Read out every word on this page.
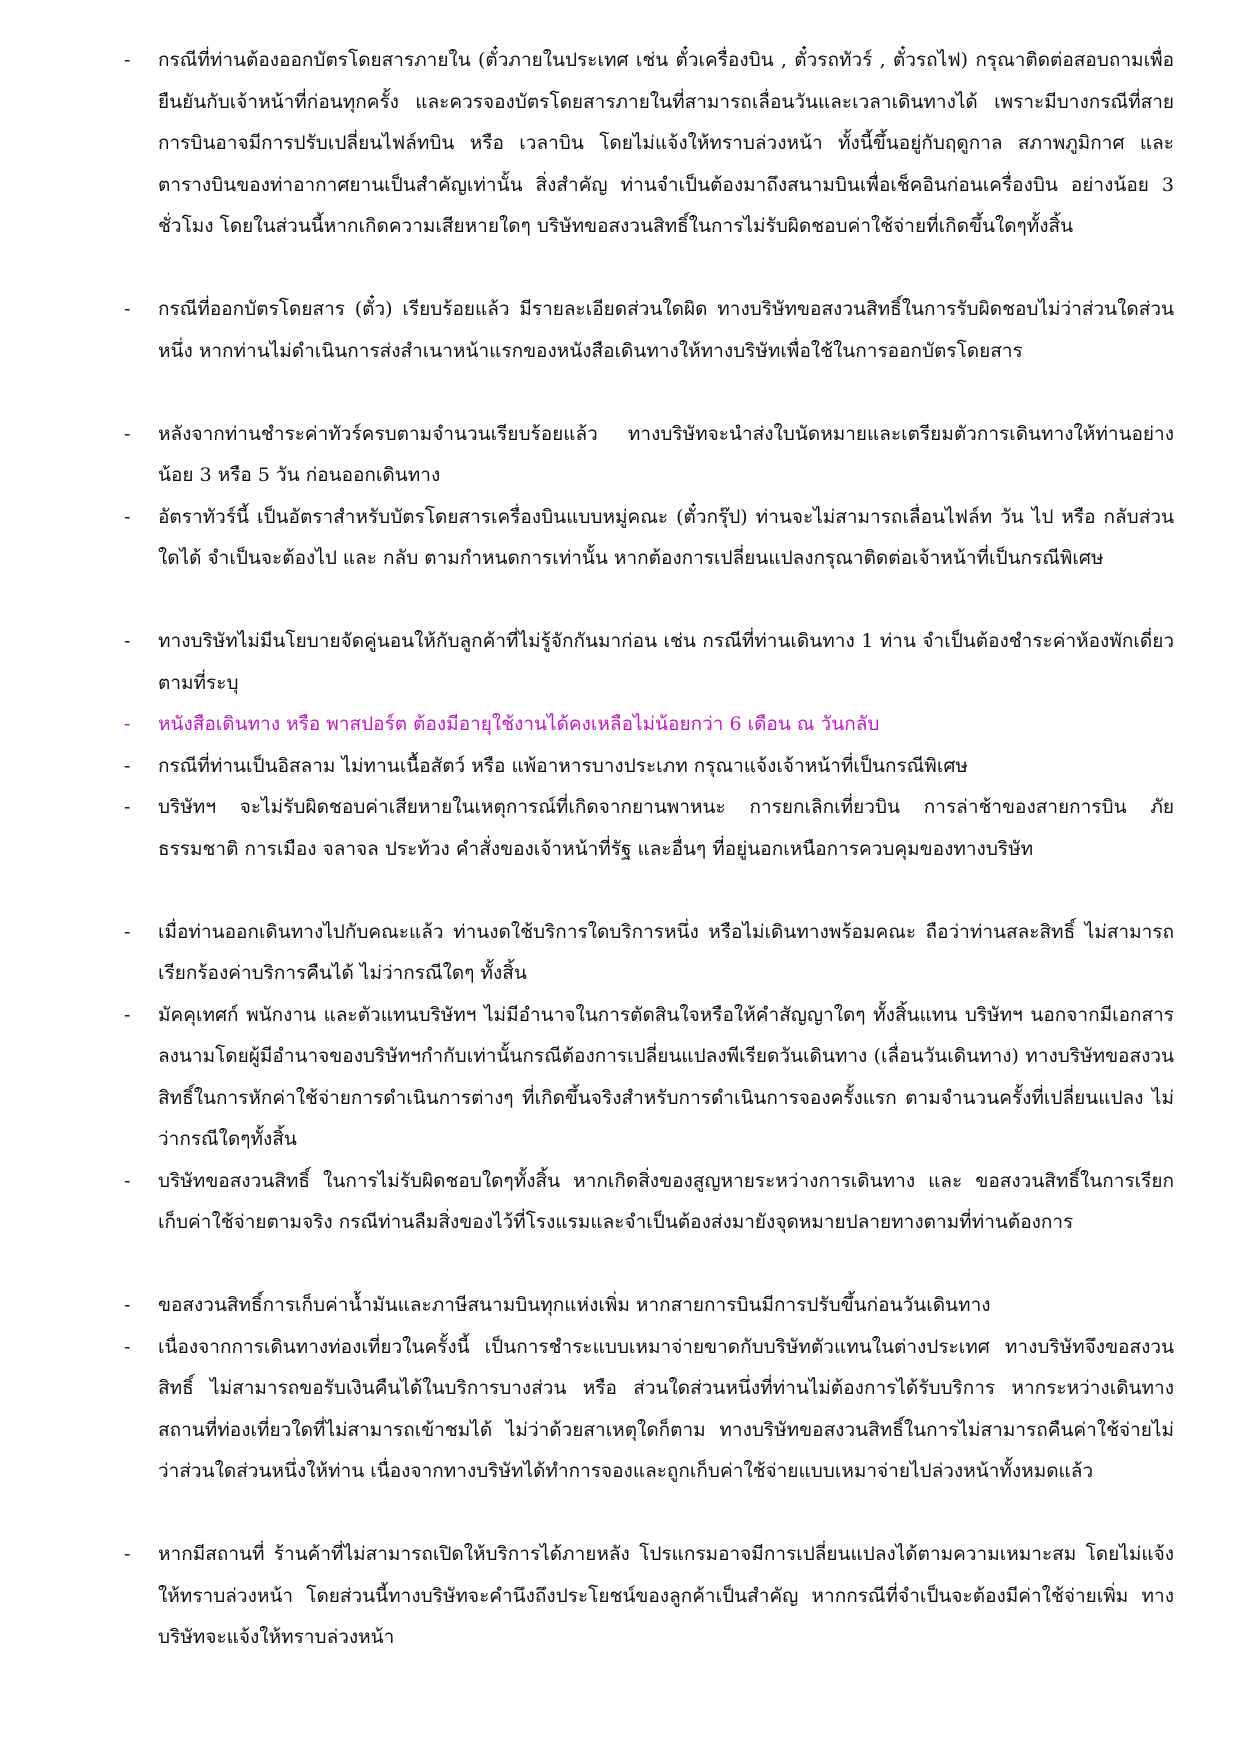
-	กรณีที่ท่านต้องออกบัตรโดยสารภายใน (ตั๋วภายในประเทศ เช่น ตั๋วเครื่องบิน , ตั๋วรถทัวร์ , ตั๋วรถไฟ) กรุณาติดต่อสอบถามเพื่อยืนยันกับเจ้าหน้าที่ก่อนทุกครั้ง และควรจองบัตรโดยสารภายในที่สามารถเลื่อนวันและเวลาเดินทางได้ เพราะมีบางกรณีที่สายการบินอาจมีการปรับเปลี่ยนไฟล์ทบิน หรือ เวลาบิน โดยไม่แจ้งให้ทราบล่วงหน้า ทั้งนี้ขึ้นอยู่กับฤดูกาล สภาพภูมิกาศ และ ตารางบินของท่าอากาศยานเป็นสำคัญเท่านั้น สิ่งสำคัญ ท่านจำเป็นต้องมาถึงสนามบินเพื่อเช็คอินก่อนเครื่องบิน อย่างน้อย 3 ชั่วโมง โดยในส่วนนี้หากเกิดความเสียหายใดๆ บริษัทขอสงวนสิทธิ์ในการไม่รับผิดชอบค่าใช้จ่ายที่เกิดขึ้นใดๆทั้งสิ้น
-	กรณีที่ออกบัตรโดยสาร (ตั๋ว) เรียบร้อยแล้ว มีรายละเอียดส่วนใดผิด ทางบริษัทขอสงวนสิทธิ์ในการรับผิดชอบไม่ว่าส่วนใดส่วนหนึ่ง หากท่านไม่ดำเนินการส่งสำเนาหน้าแรกของหนังสือเดินทางให้ทางบริษัทเพื่อใช้ในการออกบัตรโดยสาร
-	หลังจากท่านชำระค่าทัวร์ครบตามจำนวนเรียบร้อยแล้ว ทางบริษัทจะนำส่งใบนัดหมายและเตรียมตัวการเดินทางให้ท่านอย่างน้อย 3 หรือ 5 วัน ก่อนออกเดินทาง
-	อัตราทัวร์นี้ เป็นอัตราสำหรับบัตรโดยสารเครื่องบินแบบหมู่คณะ (ตั๋วกรุ๊ป) ท่านจะไม่สามารถเลื่อนไฟล์ท วัน ไป หรือ กลับส่วนใดได้ จำเป็นจะต้องไป และ กลับ ตามกำหนดการเท่านั้น หากต้องการเปลี่ยนแปลงกรุณาติดต่อเจ้าหน้าที่เป็นกรณีพิเศษ
-	ทางบริษัทไม่มีนโยบายจัดคู่นอนให้กับลูกค้าที่ไม่รู้จักกันมาก่อน เช่น กรณีที่ท่านเดินทาง 1 ท่าน จำเป็นต้องชำระค่าห้องพักเดี่ยวตามที่ระบุ
-	หนังสือเดินทาง หรือ พาสปอร์ต ต้องมีอายุใช้งานได้คงเหลือไม่น้อยกว่า 6 เดือน ณ วันกลับ
-	กรณีที่ท่านเป็นอิสลาม ไม่ทานเนื้อสัตว์ หรือ แพ้อาหารบางประเภท กรุณาแจ้งเจ้าหน้าที่เป็นกรณีพิเศษ
-	บริษัทฯ จะไม่รับผิดชอบค่าเสียหายในเหตุการณ์ที่เกิดจากยานพาหนะ การยกเลิกเที่ยวบิน การล่าช้าของสายการบิน ภัยธรรมชาติ การเมือง จลาจล ประท้วง คำสั่งของเจ้าหน้าที่รัฐ และอื่นๆ ที่อยู่นอกเหนือการควบคุมของทางบริษัท
-	เมื่อท่านออกเดินทางไปกับคณะแล้ว ท่านงดใช้บริการใดบริการหนึ่ง หรือไม่เดินทางพร้อมคณะ ถือว่าท่านสละสิทธิ์ ไม่สามารถเรียกร้องค่าบริการคืนได้ ไม่ว่ากรณีใดๆ ทั้งสิ้น
-	มัคคุเทศก์ พนักงาน และตัวแทนบริษัทฯ ไม่มีอำนาจในการตัดสินใจหรือให้คำสัญญาใดๆ ทั้งสิ้นแทน บริษัทฯ นอกจากมีเอกสารลงนามโดยผู้มีอำนาจของบริษัทฯกำกับเท่านั้นกรณีต้องการเปลี่ยนแปลงพีเรียดวันเดินทาง (เลื่อนวันเดินทาง) ทางบริษัทขอสงวนสิทธิ์ในการหักค่าใช้จ่ายการดำเนินการต่างๆ ที่เกิดขึ้นจริงสำหรับการดำเนินการจองครั้งแรก ตามจำนวนครั้งที่เปลี่ยนแปลง ไม่ว่ากรณีใดๆทั้งสิ้น
-	บริษัทขอสงวนสิทธิ์ ในการไม่รับผิดชอบใดๆทั้งสิ้น หากเกิดสิ่งของสูญหายระหว่างการเดินทาง และ ขอสงวนสิทธิ์ในการเรียกเก็บค่าใช้จ่ายตามจริง กรณีท่านลืมสิ่งของไว้ที่โรงแรมและจำเป็นต้องส่งมายังจุดหมายปลายทางตามที่ท่านต้องการ
-	ขอสงวนสิทธิ์การเก็บค่าน้ำมันและภาษีสนามบินทุกแห่งเพิ่ม หากสายการบินมีการปรับขึ้นก่อนวันเดินทาง
-	เนื่องจากการเดินทางท่องเที่ยวในครั้งนี้ เป็นการชำระแบบเหมาจ่ายขาดกับบริษัทตัวแทนในต่างประเทศ ทางบริษัทจึงขอสงวนสิทธิ์ ไม่สามารถขอรับเงินคืนได้ในบริการบางส่วน หรือ ส่วนใดส่วนหนึ่งที่ท่านไม่ต้องการได้รับบริการ หากระหว่างเดินทาง สถานที่ท่องเที่ยวใดที่ไม่สามารถเข้าชมได้ ไม่ว่าด้วยสาเหตุใดก็ตาม ทางบริษัทขอสงวนสิทธิ์ในการไม่สามารถคืนค่าใช้จ่ายไม่ว่าส่วนใดส่วนหนึ่งให้ท่าน เนื่องจากทางบริษัทได้ทำการจองและถูกเก็บค่าใช้จ่ายแบบเหมาจ่ายไปล่วงหน้าทั้งหมดแล้ว
-	หากมีสถานที่ ร้านค้าที่ไม่สามารถเปิดให้บริการได้ภายหลัง โปรแกรมอาจมีการเปลี่ยนแปลงได้ตามความเหมาะสม โดยไม่แจ้งให้ทราบล่วงหน้า โดยส่วนนี้ทางบริษัทจะคำนึงถึงประโยชน์ของลูกค้าเป็นสำคัญ หากกรณีที่จำเป็นจะต้องมีค่าใช้จ่ายเพิ่ม ทางบริษัทจะแจ้งให้ทราบล่วงหน้า
